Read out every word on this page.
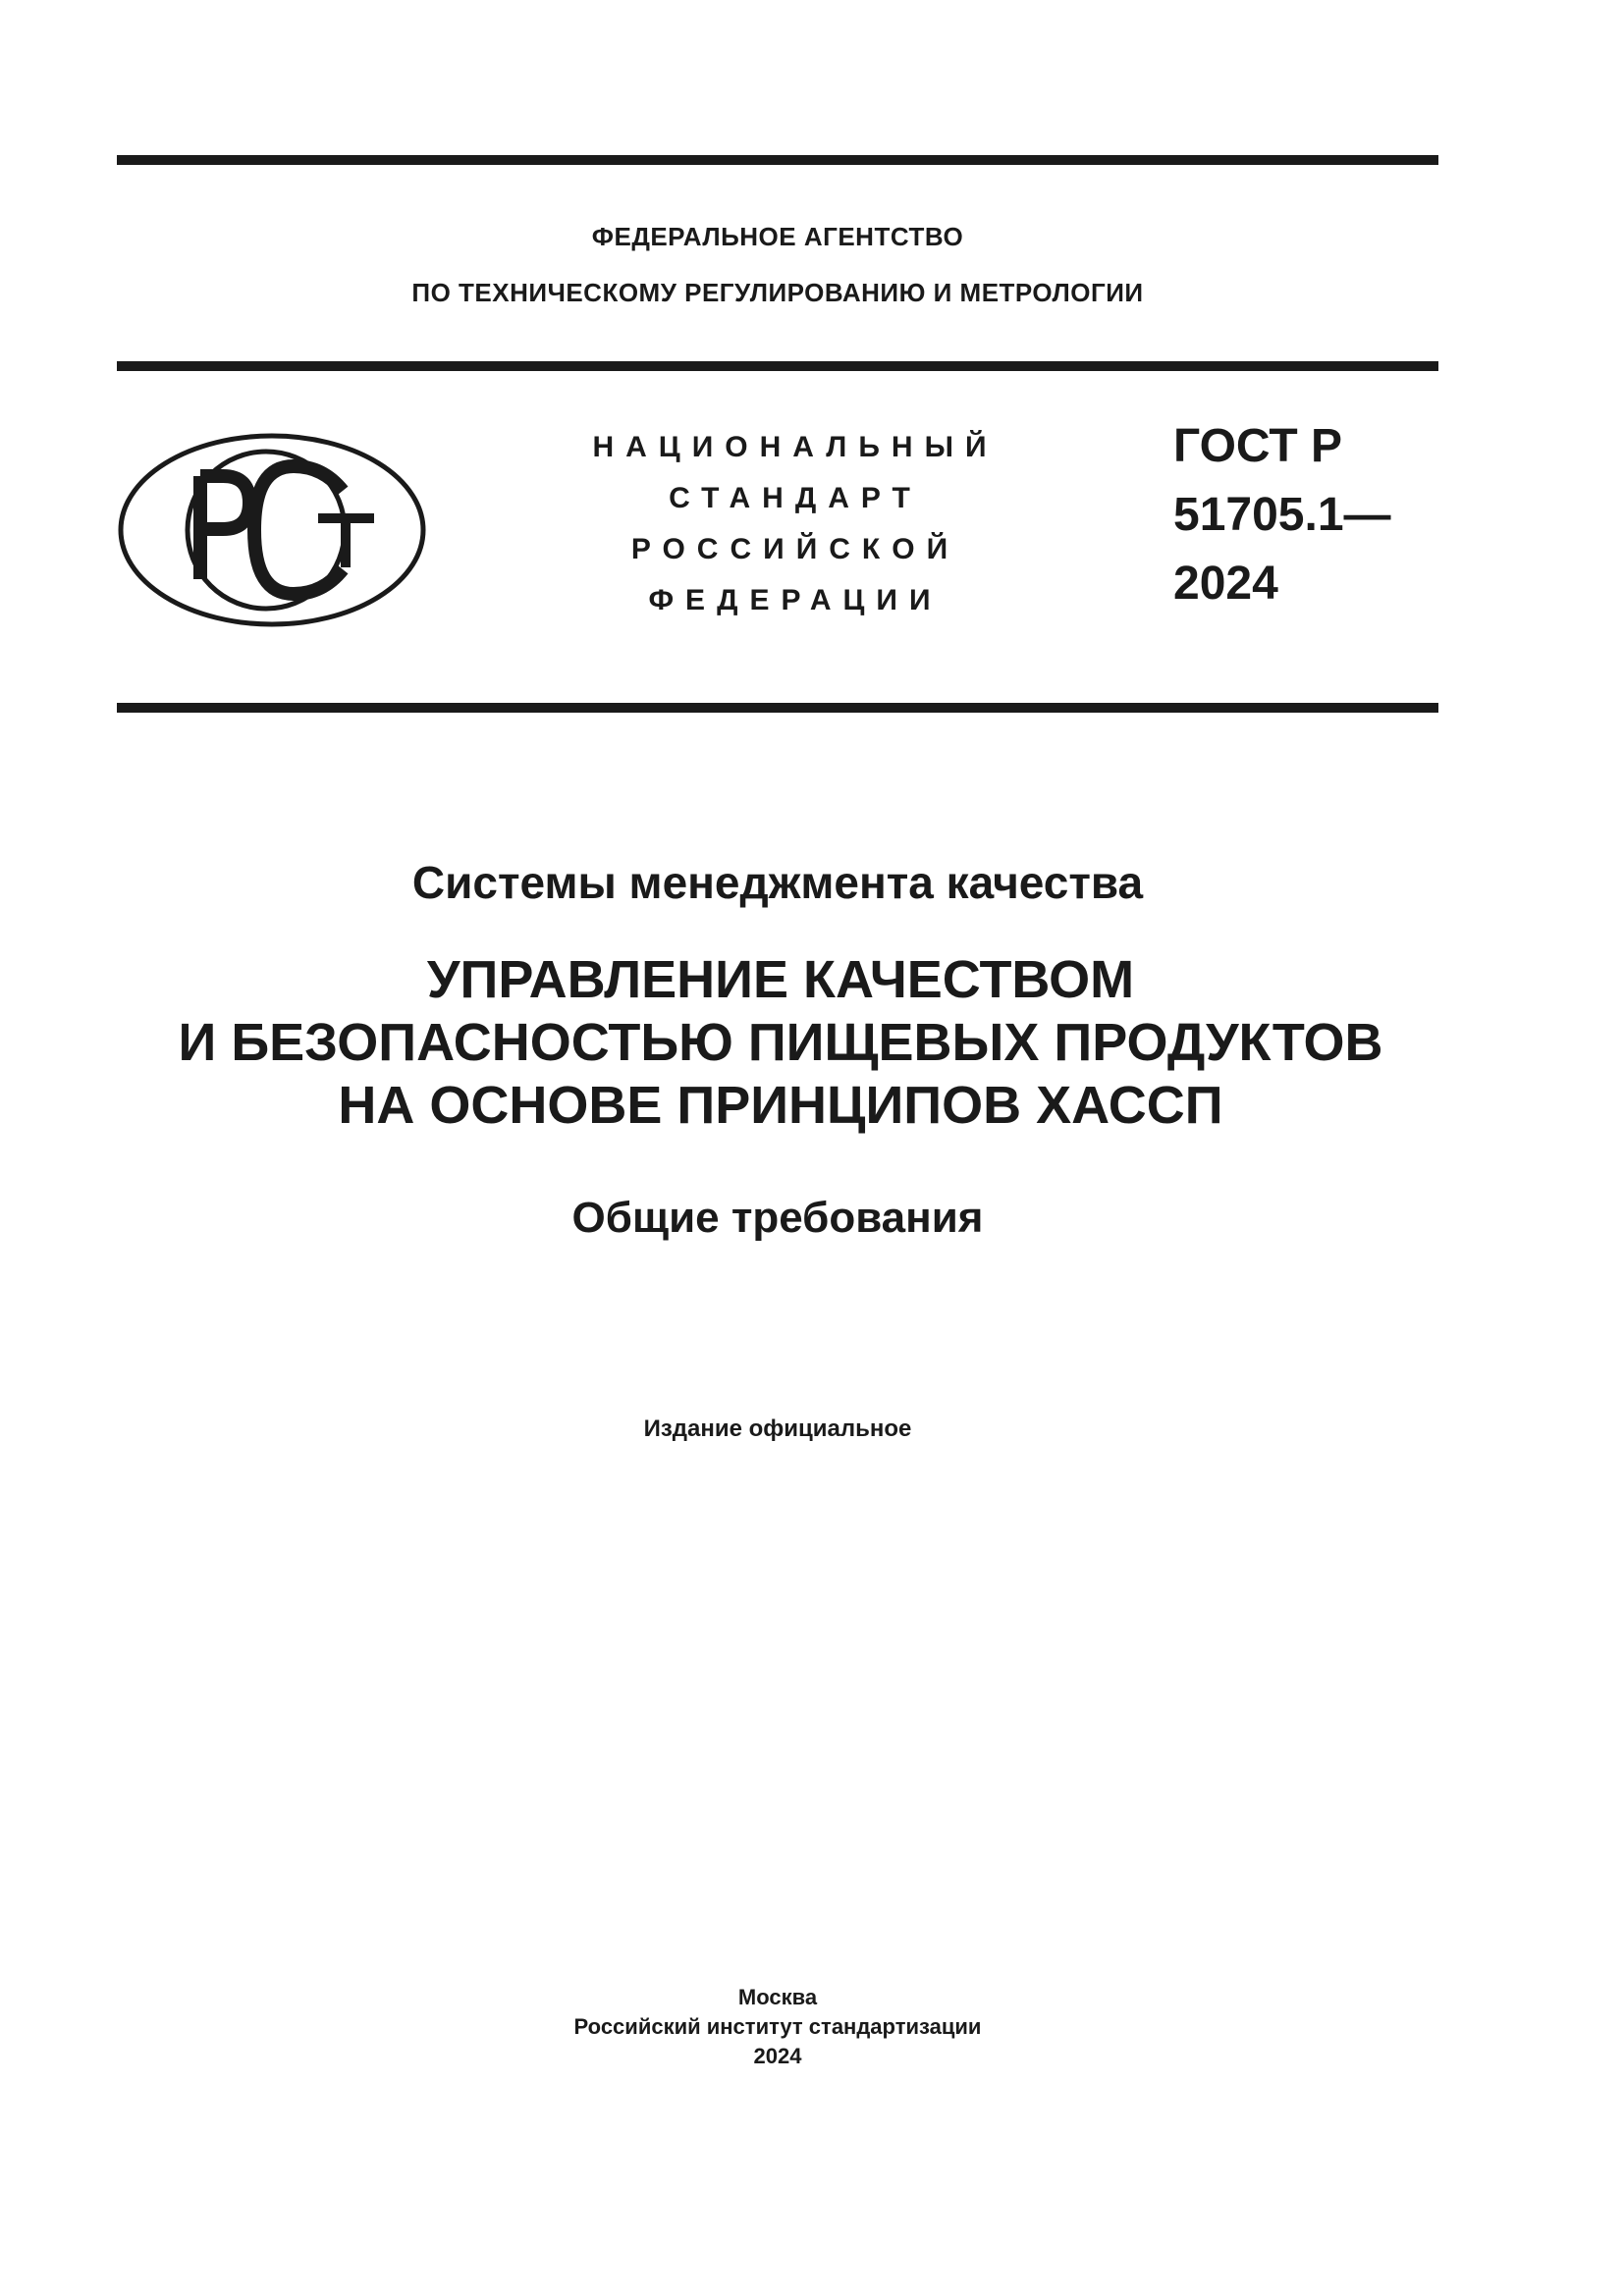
ФЕДЕРАЛЬНОЕ АГЕНТСТВО
ПО ТЕХНИЧЕСКОМУ РЕГУЛИРОВАНИЮ И МЕТРОЛОГИИ
НАЦИОНАЛЬНЫЙ
СТАНДАРТ
РОССИЙСКОЙ
ФЕДЕРАЦИИ
ГОСТ Р
51705.1—
2024
Системы менеджмента качества
УПРАВЛЕНИЕ КАЧЕСТВОМ
И БЕЗОПАСНОСТЬЮ ПИЩЕВЫХ ПРОДУКТОВ
НА ОСНОВЕ ПРИНЦИПОВ ХАССП
Общие требования
Издание официальное
Москва
Российский институт стандартизации
2024
